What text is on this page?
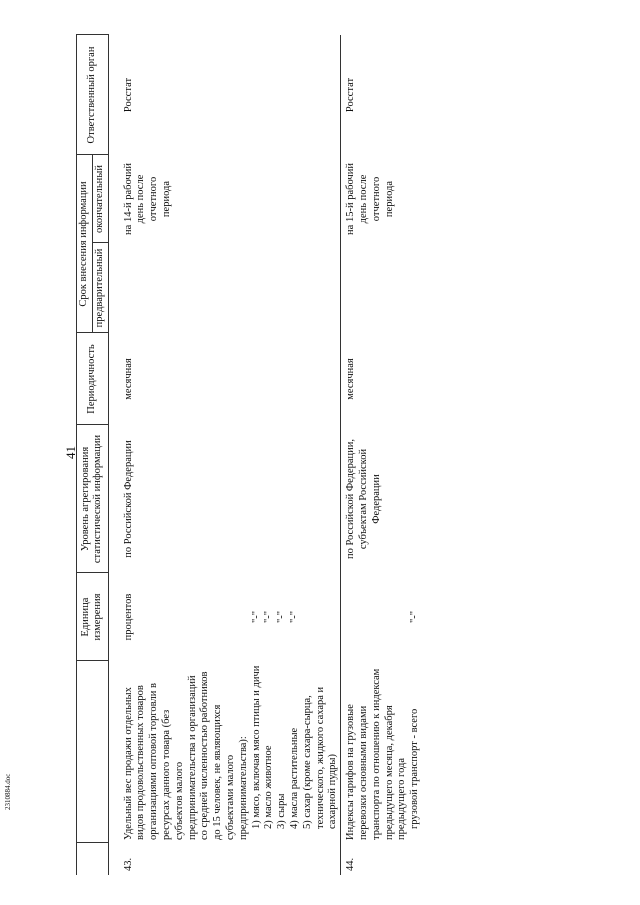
41
		Единица измерения	Уровень агрегирования статистической информации	Периодичность	Срок внесения информации		Ответственный орган
					предварительный	окончательный	
43.	Удельный вес продажи отдельных видов продовольственных товаров организациями оптовой торговли в ресурсах данного товара (без субъектов малого предпринимательства и организаций со средней численностью работников до 15 человек, не являющихся субъектами малого предпринимательства):	процентов	по Российской Федерации	месячная		на 14-й рабочий день после отчетного периода	Росстат
	1) мясо, включая мясо птицы и дичи	"-"					
	2) масло животное	"-"					
	3) сыры	"-"					
	4) масла растительные	"-"					
	5) сахар (кроме сахара-сырца, технического, жидкого сахара и сахарной пудры)						
44.	Индексы тарифов на грузовые перевозки основными видами транспорта по отношению к индексам предыдущего месяца, декабря предыдущего года		по Российской Федерации, субъектам Российской Федерации	месячная		на 15-й рабочий день после отчетного периода	Росстат
	грузовой транспорт - всего	"-"					
2310884.doc
